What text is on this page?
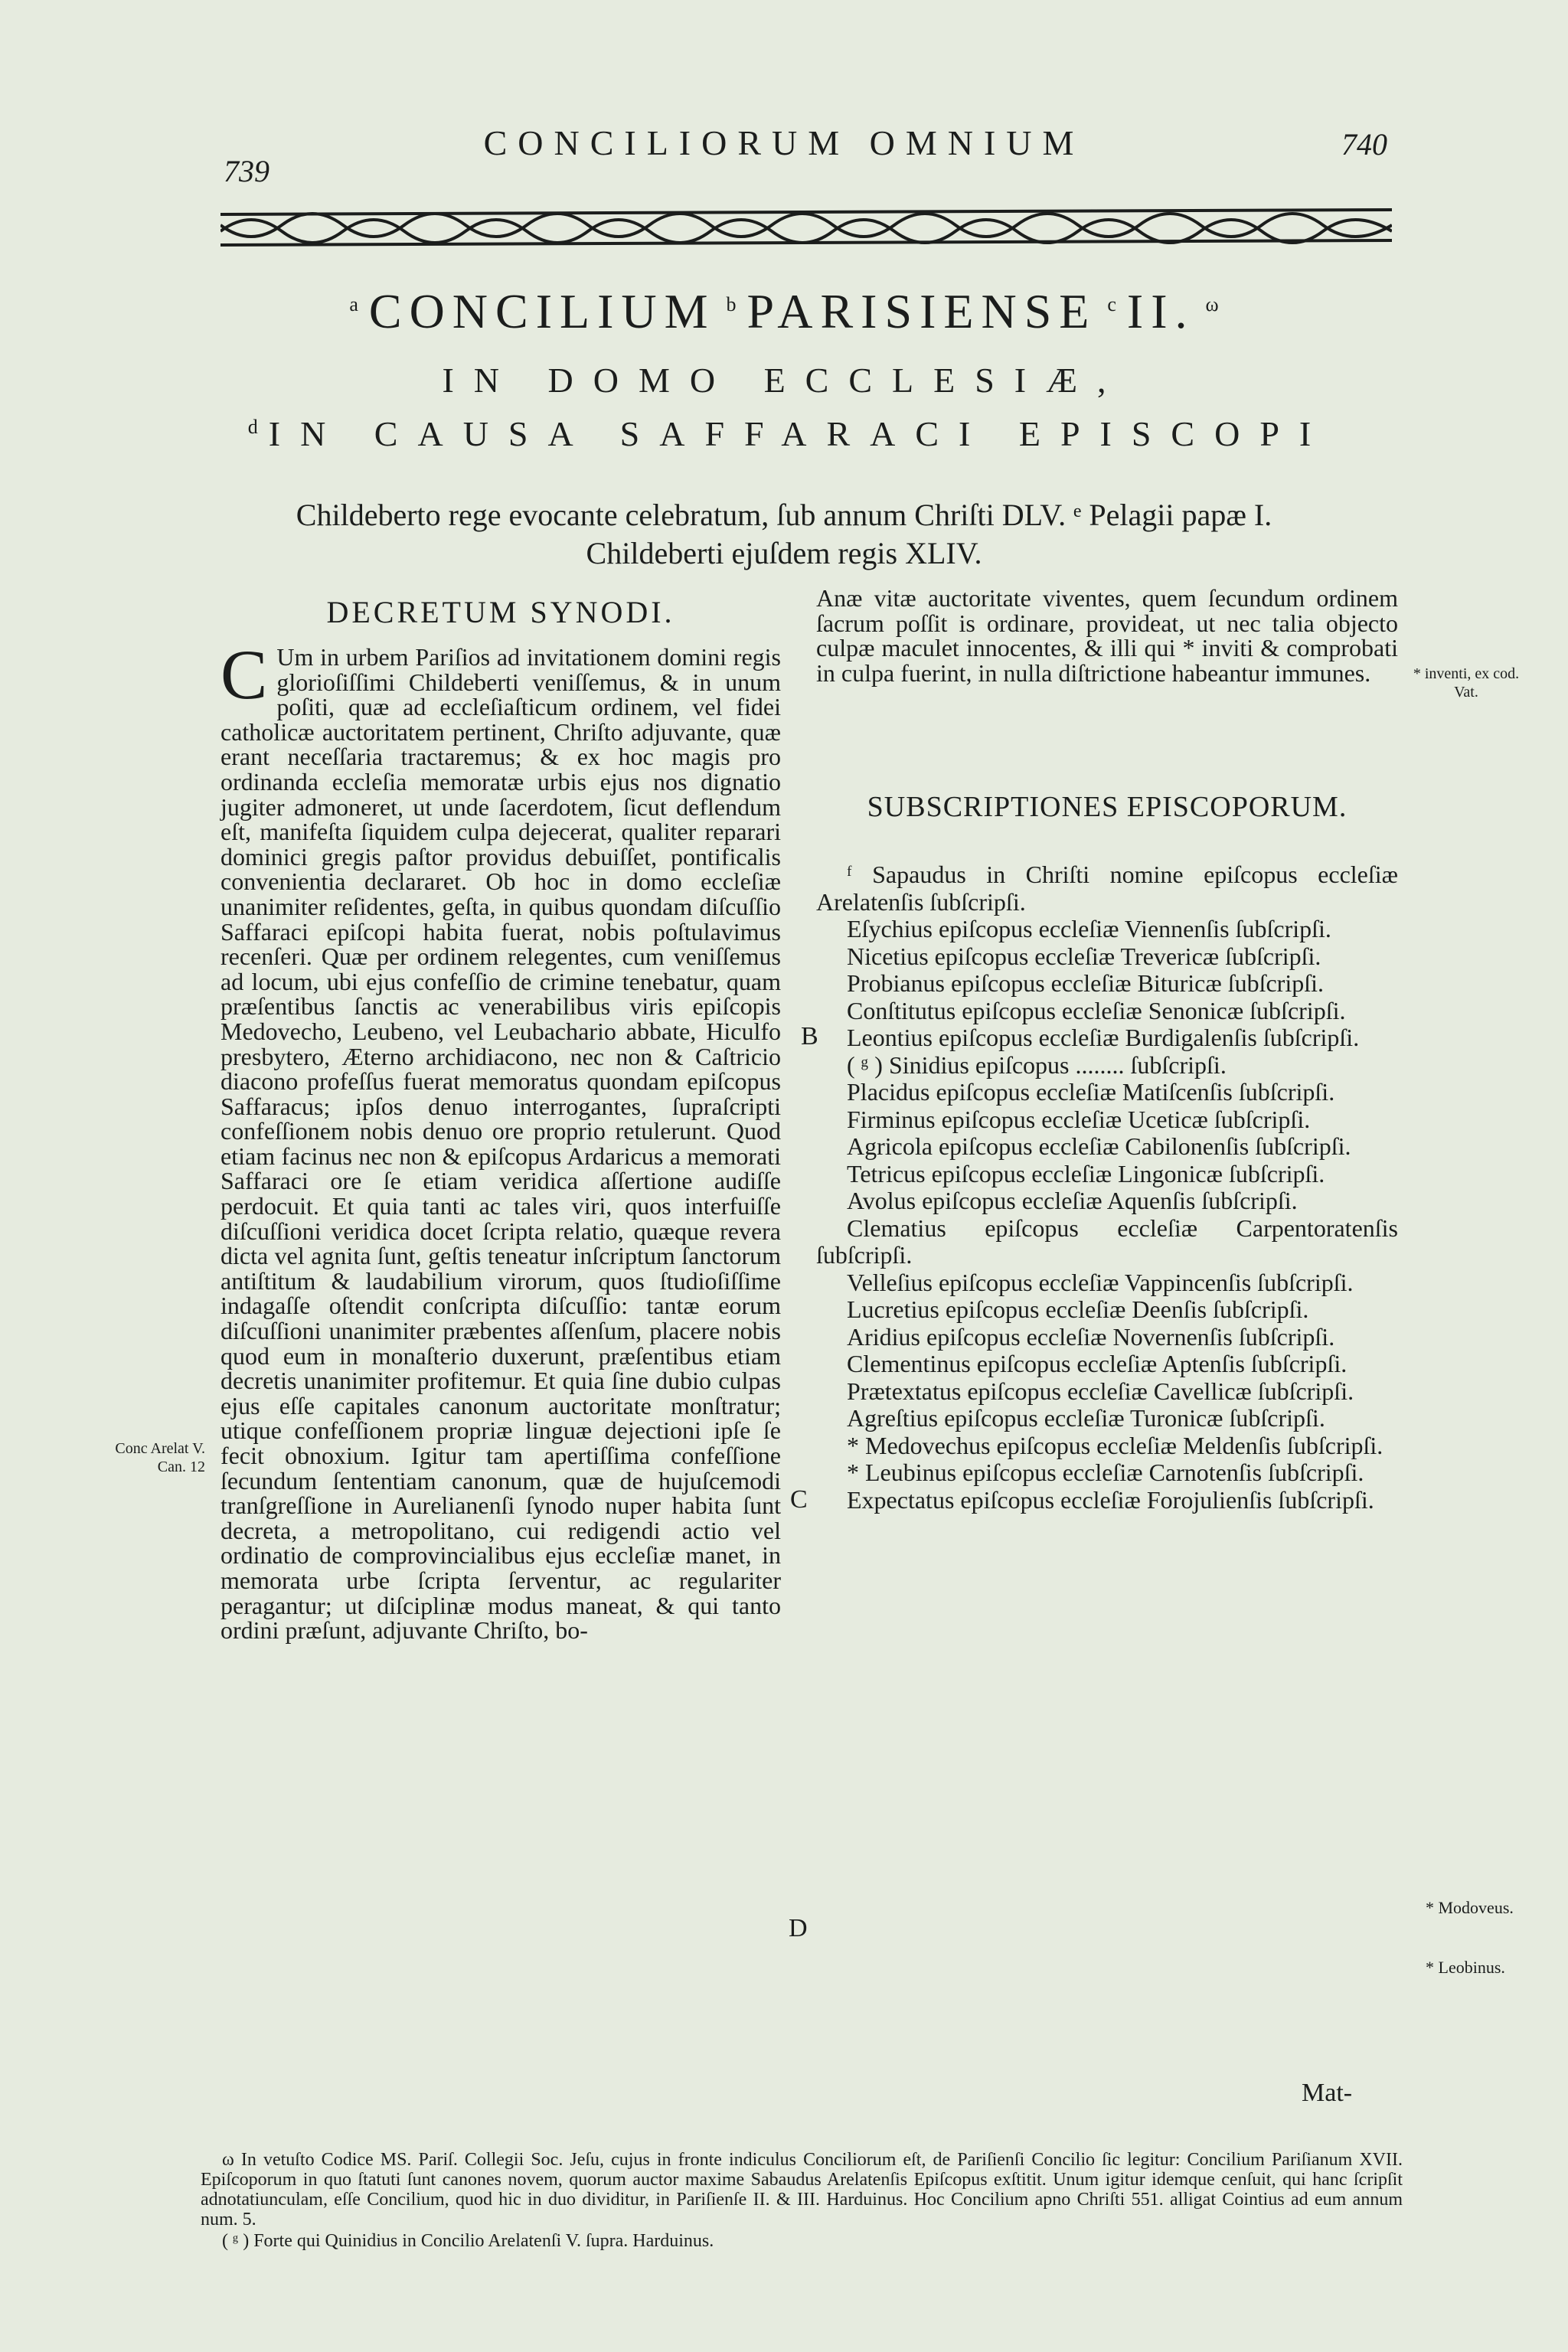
739
CONCILIORUM OMNIUM	740
$^a$ CONCILIUM $^b$ PARISIENSE $^c$ II. $^\omega$
IN DOMO ECCLESIÆ,
$^d$ IN CAUSA SAFFARACI EPISCOPI
Childeberto rege evocante celebratum, ſub annum Chriſti DLV. ᵉ Pelagii papæ I.
Childeberti ejuſdem regis XLIV.
DECRETUM SYNODI.
C Um in urbem Pariſios ad invitationem domini regis glorioſiſſimi Childeberti veniſſemus, & in unum poſiti, quæ ad eccleſiaſticum ordinem, vel fidei catholicæ auctoritatem pertinent, Chriſto adjuvante, quæ erant neceſſaria tractaremus; & ex hoc magis pro ordinanda eccleſia memoratæ urbis ejus nos dignatio jugiter admoneret, ut unde ſacerdotem, ſicut deflendum eſt, manifeſta ſiquidem culpa dejecerat, qualiter reparari dominici gregis paſtor providus debuiſſet, pontificalis convenientia declararet. Ob hoc in domo eccleſiæ unanimiter reſidentes, geſta, in quibus quondam diſcuſſio Saffaraci epiſcopi habita fuerat, nobis poſtulavimus recenſeri. Quæ per ordinem relegentes, cum veniſſemus ad locum, ubi ejus confeſſio de crimine tenebatur, quam præſentibus ſanctis ac venerabilibus viris epiſcopis Medovecho, Leubeno, vel Leubachario abbate, Hiculfo presbytero, Æterno archidiacono, nec non & Caſtricio diacono profeſſus fuerat memoratus quondam epiſcopus Saffaracus; ipſos denuo interrogantes, ſupraſcripti confeſſionem nobis denuo ore proprio retulerunt. Quod etiam facinus nec non & epiſcopus Ardaricus a memorati Saffaraci ore ſe etiam veridica aſſertione audiſſe perdocuit. Et quia tanti ac tales viri, quos interfuiſſe diſcuſſioni veridica docet ſcripta relatio, quæque revera dicta vel agnita ſunt, geſtis teneatur inſcriptum ſanctorum antiſtitum & laudabilium virorum, quos ſtudioſiſſime indagaſſe oſtendit conſcripta diſcuſſio: tantæ eorum diſcuſſioni unanimiter præbentes aſſenſum, placere nobis quod eum in monaſterio duxerunt, præſentibus etiam decretis unanimiter profitemur. Et quia ſine dubio culpas ejus eſſe capitales canonum auctoritate monſtratur; utique confeſſionem propriæ linguæ dejectioni ipſe ſe fecit obnoxium. Igitur tam apertiſſima confeſſione ſecundum ſententiam canonum, quæ de hujuſcemodi tranſgreſſione in Aurelianenſi ſynodo nuper habita ſunt decreta, a metropolitano, cui redigendi actio vel ordinatio de comprovincialibus ejus eccleſiæ manet, in memorata urbe ſcripta ſerventur, ac regulariter peragantur; ut diſciplinæ modus maneat, & qui tanto ordini præſunt, adjuvante Chriſto, bo-

Anæ vitæ auctoritate viventes, quem ſecundum ordinem ſacrum poſſit is ordinare, provideat, ut nec talia objecto culpæ maculet innocentes, & illi qui * inviti & comprobati in culpa fuerint, in nulla diſtrictione habeantur immunes.

SUBSCRIPTIONES EPISCOPORUM.

ᶠ Sapaudus in Chriſti nomine epiſcopus eccleſiæ Arelatenſis ſubſcripſi.

Eſychius epiſcopus eccleſiæ Viennenſis ſubſcripſi.

Nicetius epiſcopus eccleſiæ Trevericæ ſubſcripſi.

Probianus epiſcopus eccleſiæ Bituricæ ſubſcripſi.

Conſtitutus epiſcopus eccleſiæ Senonicæ ſubſcripſi.

Leontius epiſcopus eccleſiæ Burdigalenſis ſubſcripſi.

( ᵍ ) Sinidius epiſcopus ........ ſubſcripſi.

Placidus epiſcopus eccleſiæ Matiſcenſis ſubſcripſi.

Firminus epiſcopus eccleſiæ Uceticæ ſubſcripſi.

Agricola epiſcopus eccleſiæ Cabilonenſis ſubſcripſi.

Tetricus epiſcopus eccleſiæ Lingonicæ ſubſcripſi.

Avolus epiſcopus eccleſiæ Aquenſis ſubſcripſi.

Clematius epiſcopus eccleſiæ Carpentoratenſis ſubſcripſi.

Velleſius epiſcopus eccleſiæ Vappincenſis ſubſcripſi.

Lucretius epiſcopus eccleſiæ Deenſis ſubſcripſi.

Aridius epiſcopus eccleſiæ Novernenſis ſubſcripſi.

Clementinus epiſcopus eccleſiæ Aptenſis ſubſcripſi.

Prætextatus epiſcopus eccleſiæ Cavellicæ ſubſcripſi.

Agreſtius epiſcopus eccleſiæ Turonicæ ſubſcripſi.

* Medovechus epiſcopus eccleſiæ Meldenſis ſubſcripſi.

* Leubinus epiſcopus eccleſiæ Carnotenſis ſubſcripſi.

Expectatus epiſcopus eccleſiæ Forojulienſis ſubſcripſi.

Mat-
Conc Arelat V. Can. 12
* inventi, ex cod. Vat.
* Modoveus.
* Leobinus.
B
C
D

ω In vetuſto Codice MS. Pariſ. Collegii Soc. Jeſu, cujus in fronte indiculus Conciliorum eſt, de Pariſienſi Concilio ſic legitur: Concilium Pariſianum XVII. Epiſcoporum in quo ſtatuti ſunt canones novem, quorum auctor maxime Sabaudus Arelatenſis Epiſcopus exſtitit. Unum igitur idemque cenſuit, qui hanc ſcripſit adnotatiunculam, eſſe Concilium, quod hic in duo dividitur, in Pariſienſe II. & III. Harduinus. Hoc Concilium apno Chriſti 551. alligat Cointius ad eum annum num. 5.

( ᵍ ) Forte qui Quinidius in Concilio Arelatenſi V. ſupra. Harduinus.
